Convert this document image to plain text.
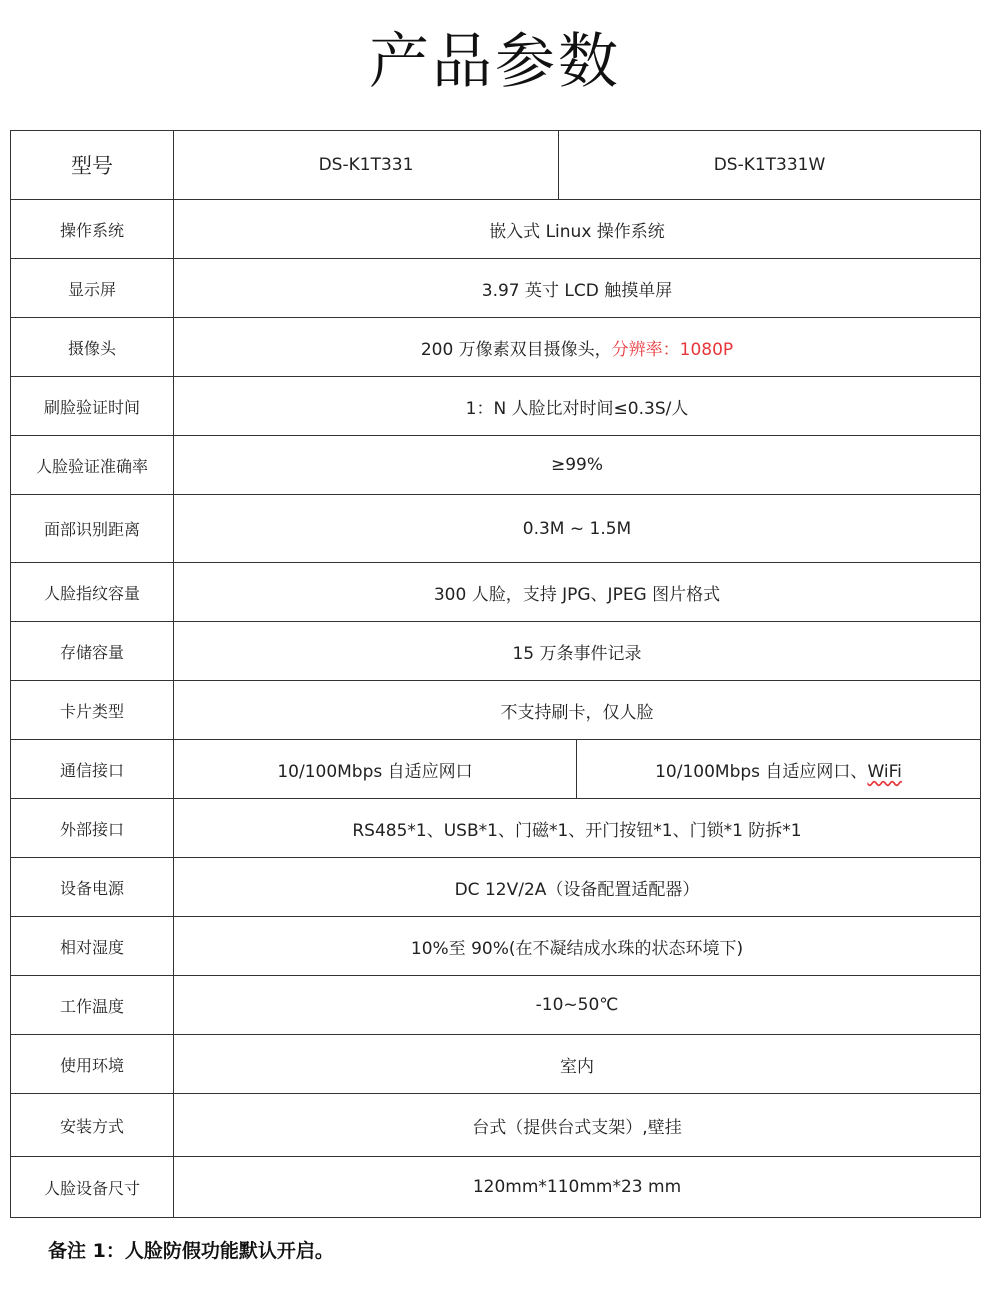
产品参数
型号	DS-K1T331	DS-K1T331W	
操作系统	嵌入式 Linux 操作系统		
显示屏	3.97 英寸 LCD 触摸单屏		
摄像头	200 万像素双目摄像头，分辨率：1080P		
刷脸验证时间	1：N 人脸比对时间≤0.3S/人		
人脸验证准确率	≥99%		
面部识别距离	0.3M ~ 1.5M		
人脸指纹容量	300 人脸，支持 JPG、JPEG 图片格式		
存储容量	15 万条事件记录		
卡片类型	不支持刷卡，仅人脸		
通信接口	10/100Mbps 自适应网口		10/100Mbps 自适应网口、WiFi
外部接口	RS485*1、USB*1、门磁*1、开门按钮*1、门锁*1 防拆*1		
设备电源	DC 12V/2A（设备配置适配器）		
相对湿度	10%至 90%(在不凝结成水珠的状态环境下)		
工作温度	-10~50℃		
使用环境	室内		
安装方式	台式（提供台式支架）,壁挂		
人脸设备尺寸	120mm*110mm*23 mm		
备注 1：人脸防假功能默认开启。
